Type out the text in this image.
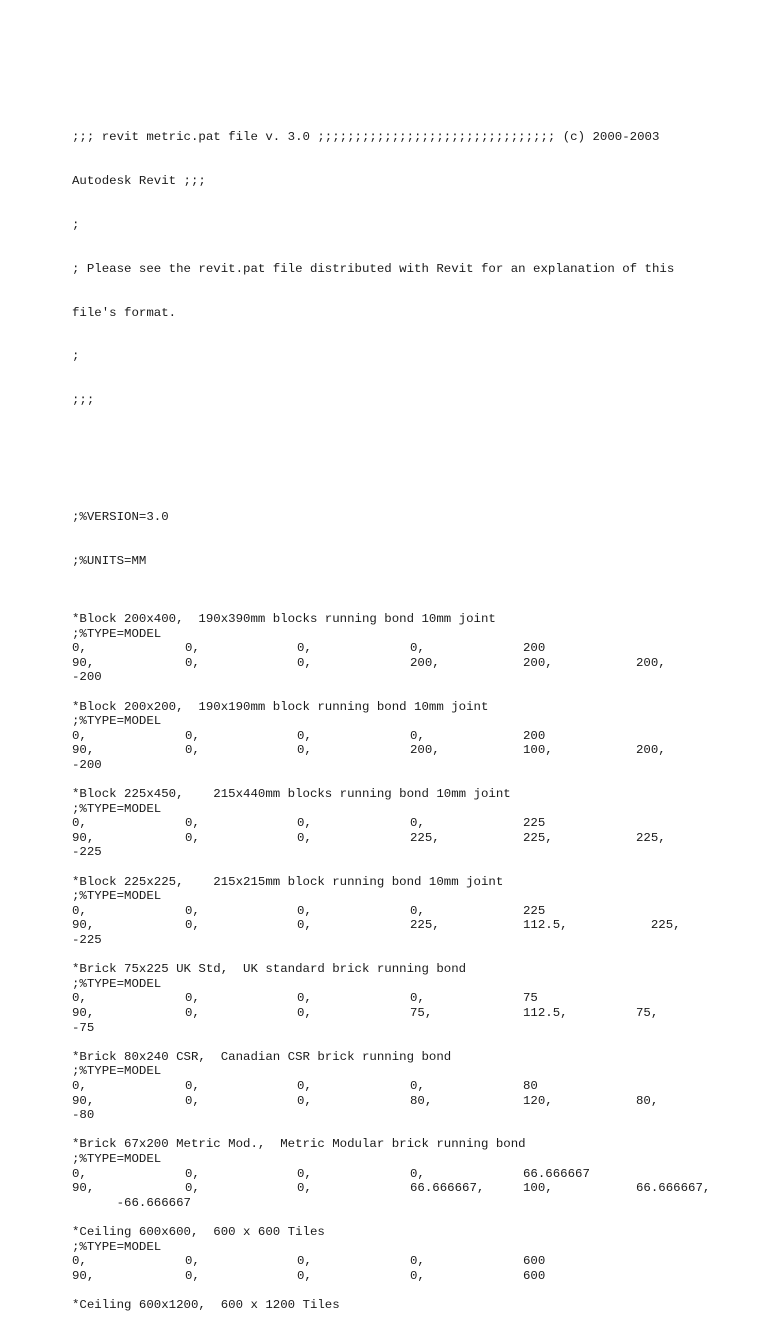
;;; revit metric.pat file v. 3.0 ;;;;;;;;;;;;;;;;;;;;;;;;;;;;;;;; (c) 2000-2003

Autodesk Revit ;;;

;

; Please see the revit.pat file distributed with Revit for an explanation of this

file's format.

;

;;;

;%VERSION=3.0

;%UNITS=MM

*Block 200x400,  190x390mm blocks running bond 10mm joint
;%TYPE=MODEL
0,	0,	0,	0,	200
90,	0,	0,	200,	200,	200,
-200
*Block 200x200,  190x190mm block running bond 10mm joint
;%TYPE=MODEL
0,	0,	0,	0,	200
90,	0,	0,	200,	100,	200,
-200
*Block 225x450,    215x440mm blocks running bond 10mm joint
;%TYPE=MODEL
0,	0,	0,	0,	225
90,	0,	0,	225,	225,	225,
-225
*Block 225x225,    215x215mm block running bond 10mm joint
;%TYPE=MODEL
0,	0,	0,	0,	225
90,	0,	0,	225,	112.5,	225,
-225
*Brick 75x225 UK Std,  UK standard brick running bond
;%TYPE=MODEL
0,	0,	0,	0,	75
90,	0,	0,	75,	112.5,	75,
-75
*Brick 80x240 CSR,  Canadian CSR brick running bond
;%TYPE=MODEL
0,	0,	0,	0,	80
90,	0,	0,	80,	120,	80,
-80
*Brick 67x200 Metric Mod.,  Metric Modular brick running bond
;%TYPE=MODEL
0,	0,	0,	0,	66.666667
90,	0,	0,	66.666667,	100,	66.666667,
-66.666667
*Ceiling 600x600,  600 x 600 Tiles
;%TYPE=MODEL
0,	0,	0,	0,	600
90,	0,	0,	0,	600
*Ceiling 600x1200,  600 x 1200 Tiles
